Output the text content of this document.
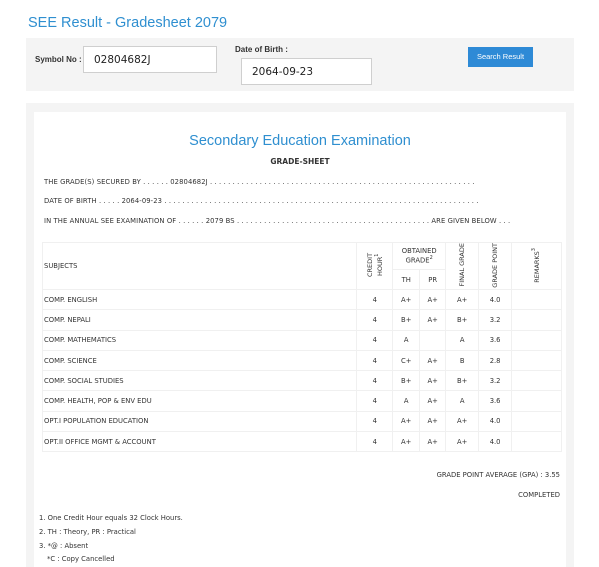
SEE Result - Gradesheet 2079
Symbol No :
02804682J
Date of Birth :
2064-09-23
Search Result
Secondary Education Examination
GRADE-SHEET
THE GRADE(S) SECURED BY . . . . . . 02804682J . . . . . . . . . . . . . . . . . . . . . . . . . . . . . . . . . . . . . . . . . . . . . . . . . . . . . . . . . . .
DATE OF BIRTH . . . . . 2064-09-23 . . . . . . . . . . . . . . . . . . . . . . . . . . . . . . . . . . . . . . . . . . . . . . . . . . . . . . . . . . . . . . . . . . . . . .
IN THE ANNUAL SEE EXAMINATION OF . . . . . . 2079 BS . . . . . . . . . . . . . . . . . . . . . . . . . . . . . . . . . . . . . . . . . . . ARE GIVEN BELOW . . .
SUBJECTS	CREDIT HOUR$^1$	OBTAINED GRADE$^2$		FINAL GRADE	GRADE POINT	REMARKS$^3$
		TH	PR			
COMP. ENGLISH	4	A+	A+	A+	4.0	
COMP. NEPALI	4	B+	A+	B+	3.2	
COMP. MATHEMATICS	4	A		A	3.6	
COMP. SCIENCE	4	C+	A+	B	2.8	
COMP. SOCIAL STUDIES	4	B+	A+	B+	3.2	
COMP. HEALTH, POP & ENV EDU	4	A	A+	A	3.6	
OPT.I POPULATION EDUCATION	4	A+	A+	A+	4.0	
OPT.II OFFICE MGMT & ACCOUNT	4	A+	A+	A+	4.0	
GRADE POINT AVERAGE (GPA) : 3.55
COMPLETED
1. One Credit Hour equals 32 Clock Hours.
2. TH : Theory, PR : Practical
3. *@ : Absent
*C : Copy Cancelled
